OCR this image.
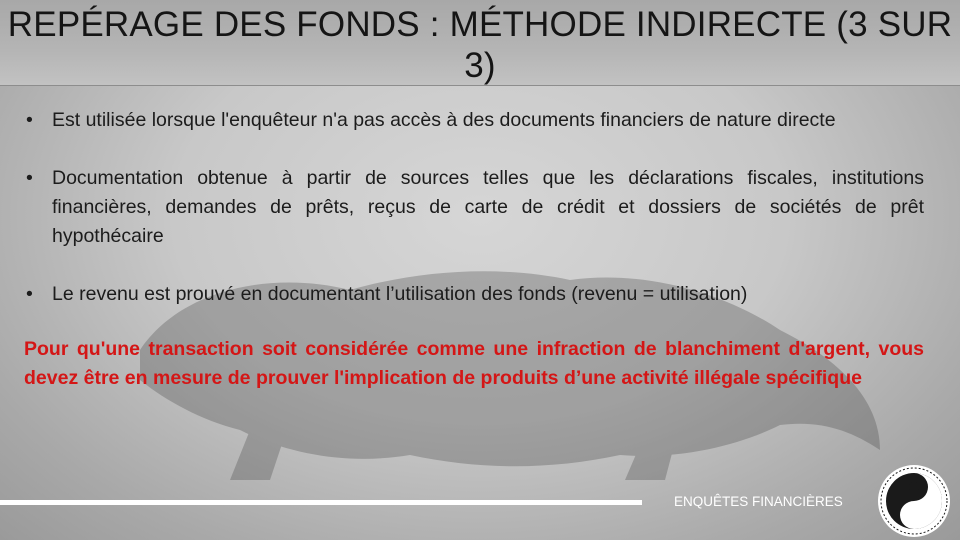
REPÉRAGE DES FONDS : MÉTHODE INDIRECTE (3 SUR 3)
• Est utilisée lorsque l'enquêteur n'a pas accès à des documents financiers de nature directe
• Documentation obtenue à partir de sources telles que les déclarations fiscales, institutions financières, demandes de prêts, reçus de carte de crédit et dossiers de sociétés de prêt hypothécaire
• Le revenu est prouvé en documentant l’utilisation des fonds (revenu = utilisation)
Pour qu'une transaction soit considérée comme une infraction de blanchiment d'argent, vous devez être en mesure de prouver l'implication de produits d’une activité illégale spécifique
ENQUÊTES FINANCIÈRES
